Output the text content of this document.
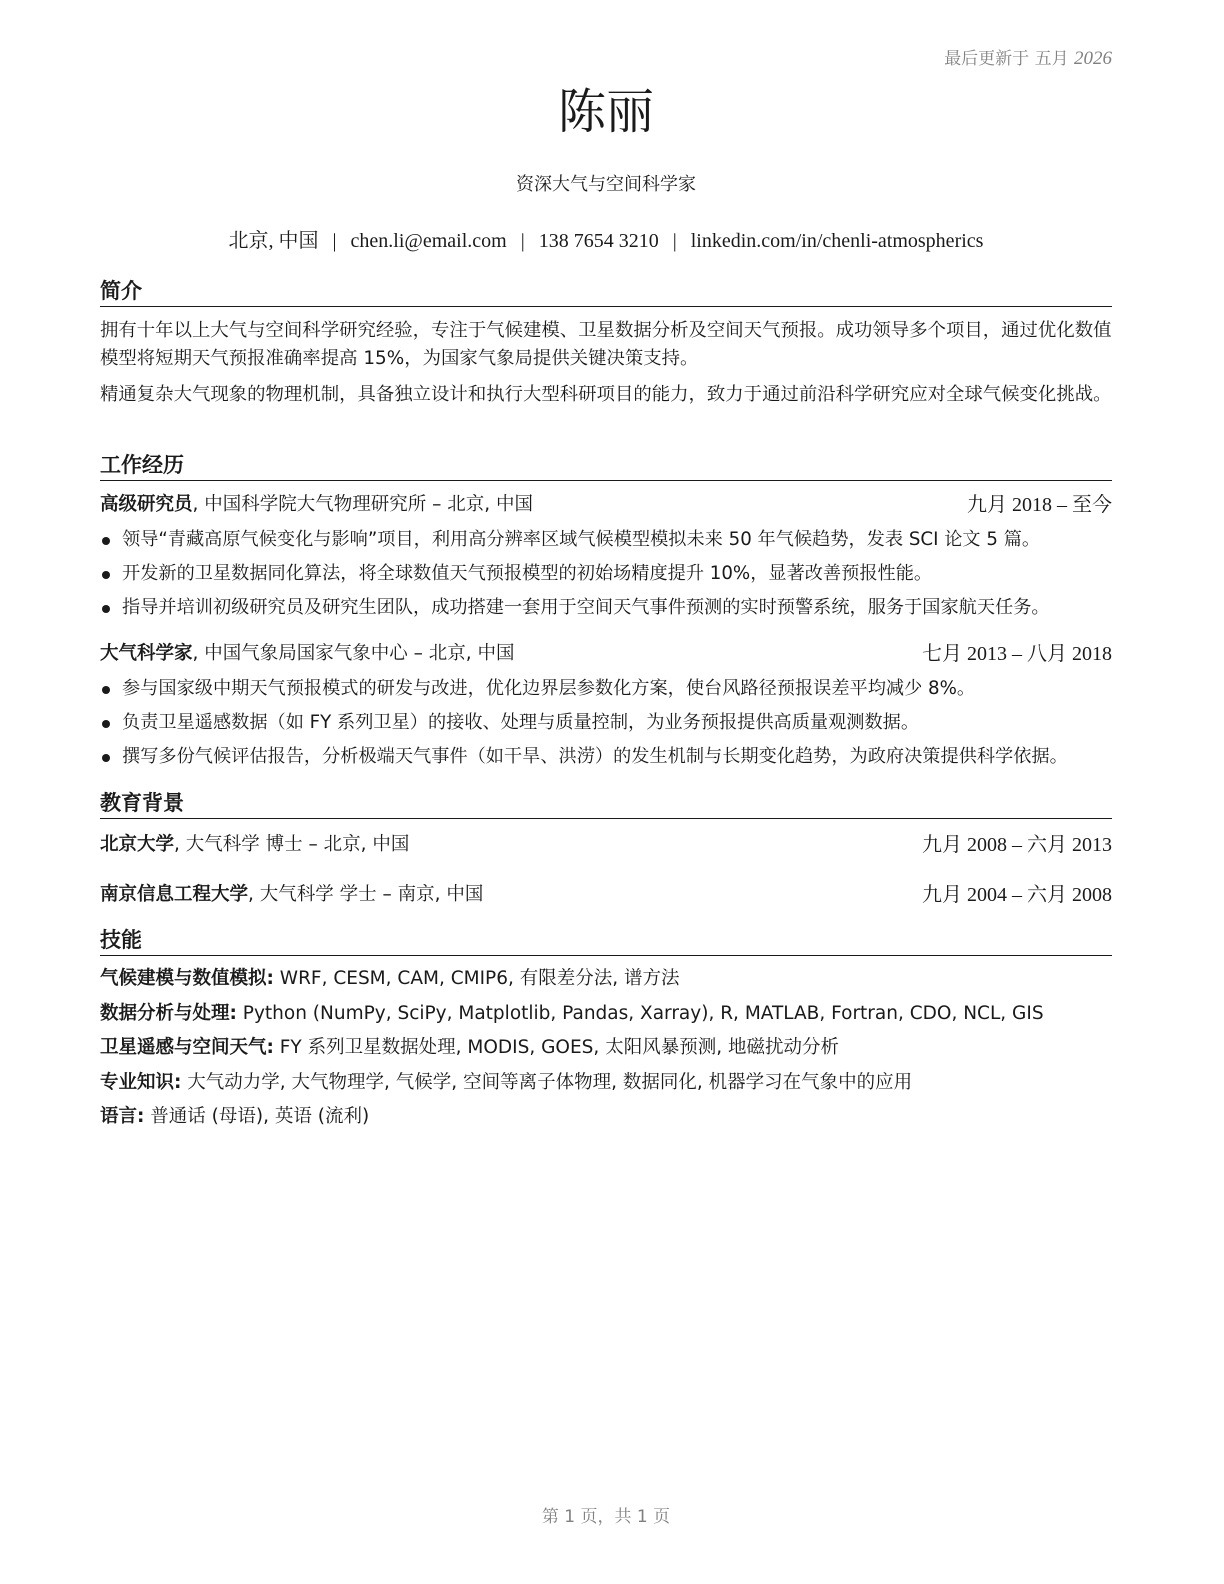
最后更新于 五月 2026
陈丽
资深大气与空间科学家
北京, 中国 | chen.li@email.com | 138 7654 3210 | linkedin.com/in/chenli-atmospherics
简介

拥有十年以上大气与空间科学研究经验，专注于气候建模、卫星数据分析及空间天气预报。成功领导多个项目，通过优化数值模型将短期天气预报准确率提高 15%，为国家气象局提供关键决策支持。

精通复杂大气现象的物理机制，具备独立设计和执行大型科研项目的能力，致力于通过前沿科学研究应对全球气候变化挑战。

工作经历
高级研究员, 中国科学院大气物理研究所 – 北京, 中国	九月 2018 – 至今
领导“青藏高原气候变化与影响”项目，利用高分辨率区域气候模型模拟未来 50 年气候趋势，发表 SCI 论文 5 篇。
开发新的卫星数据同化算法，将全球数值天气预报模型的初始场精度提升 10%，显著改善预报性能。
指导并培训初级研究员及研究生团队，成功搭建一套用于空间天气事件预测的实时预警系统，服务于国家航天任务。
大气科学家, 中国气象局国家气象中心 – 北京, 中国	七月 2013 – 八月 2018
参与国家级中期天气预报模式的研发与改进，优化边界层参数化方案，使台风路径预报误差平均减少 8%。
负责卫星遥感数据（如 FY 系列卫星）的接收、处理与质量控制，为业务预报提供高质量观测数据。
撰写多份气候评估报告，分析极端天气事件（如干旱、洪涝）的发生机制与长期变化趋势，为政府决策提供科学依据。
教育背景
北京大学, 大气科学 博士 – 北京, 中国	九月 2008 – 六月 2013
南京信息工程大学, 大气科学 学士 – 南京, 中国	九月 2004 – 六月 2008
技能
气候建模与数值模拟: WRF, CESM, CAM, CMIP6, 有限差分法, 谱方法
数据分析与处理: Python (NumPy, SciPy, Matplotlib, Pandas, Xarray), R, MATLAB, Fortran, CDO, NCL, GIS
卫星遥感与空间天气: FY 系列卫星数据处理, MODIS, GOES, 太阳风暴预测, 地磁扰动分析
专业知识: 大气动力学, 大气物理学, 气候学, 空间等离子体物理, 数据同化, 机器学习在气象中的应用
语言: 普通话 (母语), 英语 (流利)
第 1 页，共 1 页
